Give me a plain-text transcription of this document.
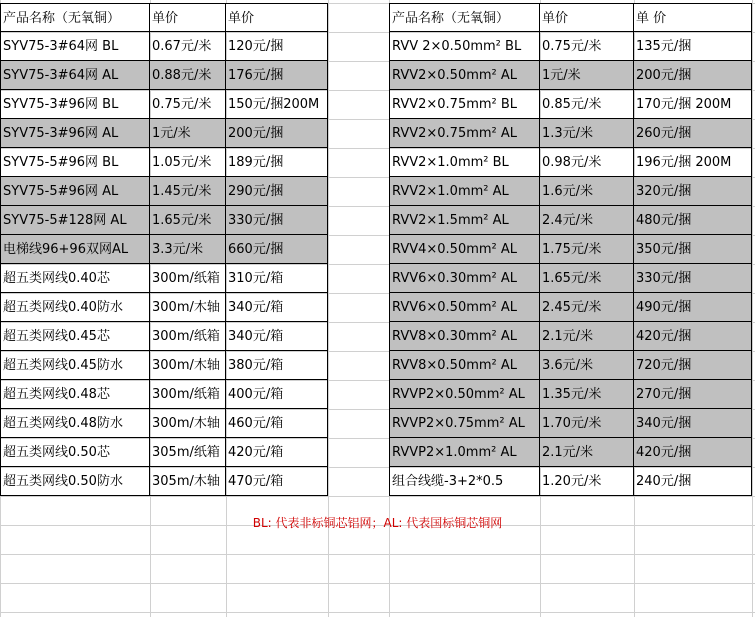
产品名称（无氧铜）	单价	单价
SYV75-3#64网 BL	0.67元/米	120元/捆
SYV75-3#64网 AL	0.88元/米	176元/捆
SYV75-3#96网 BL	0.75元/米	150元/捆200M
SYV75-3#96网 AL	1元/米	200元/捆
SYV75-5#96网 BL	1.05元/米	189元/捆
SYV75-5#96网 AL	1.45元/米	290元/捆
SYV75-5#128网 AL	1.65元/米	330元/捆
电梯线96+96双网AL	3.3元/米	660元/捆
超五类网线0.40芯	300m/纸箱 310元/箱
超五类网线0.40防水	300m/木轴 340元/箱
超五类网线0.45芯	300m/纸箱 340元/箱
超五类网线0.45防水	300m/木轴 380元/箱
超五类网线0.48芯	300m/纸箱 400元/箱
超五类网线0.48防水	300m/木轴 460元/箱
超五类网线0.50芯	305m/纸箱 420元/箱
超五类网线0.50防水	305m/木轴 470元/箱
产品名称（无氧铜）	单价	单 价
RVV 2×0.50mm² BL	0.75元/米	135元/捆
RVV2×0.50mm² AL	1元/米	200元/捆
RVV2×0.75mm² BL	0.85元/米	170元/捆 200M
RVV2×0.75mm² AL	1.3元/米	260元/捆
RVV2×1.0mm² BL	0.98元/米	196元/捆 200M
RVV2×1.0mm² AL	1.6元/米	320元/捆
RVV2×1.5mm² AL	2.4元/米	480元/捆
RVV4×0.50mm² AL	1.75元/米	350元/捆
RVV6×0.30mm² AL	1.65元/米	330元/捆
RVV6×0.50mm² AL	2.45元/米	490元/捆
RVV8×0.30mm² AL	2.1元/米	420元/捆
RVV8×0.50mm² AL	3.6元/米	720元/捆
RVVP2×0.50mm² AL	1.35元/米	270元/捆
RVVP2×0.75mm² AL	1.70元/米	340元/捆
RVVP2×1.0mm² AL	2.1元/米	420元/捆
组合线缆-3+2*0.5	1.20元/米	240元/捆
BL: 代表非标铜芯铝网；AL: 代表国标铜芯铜网
